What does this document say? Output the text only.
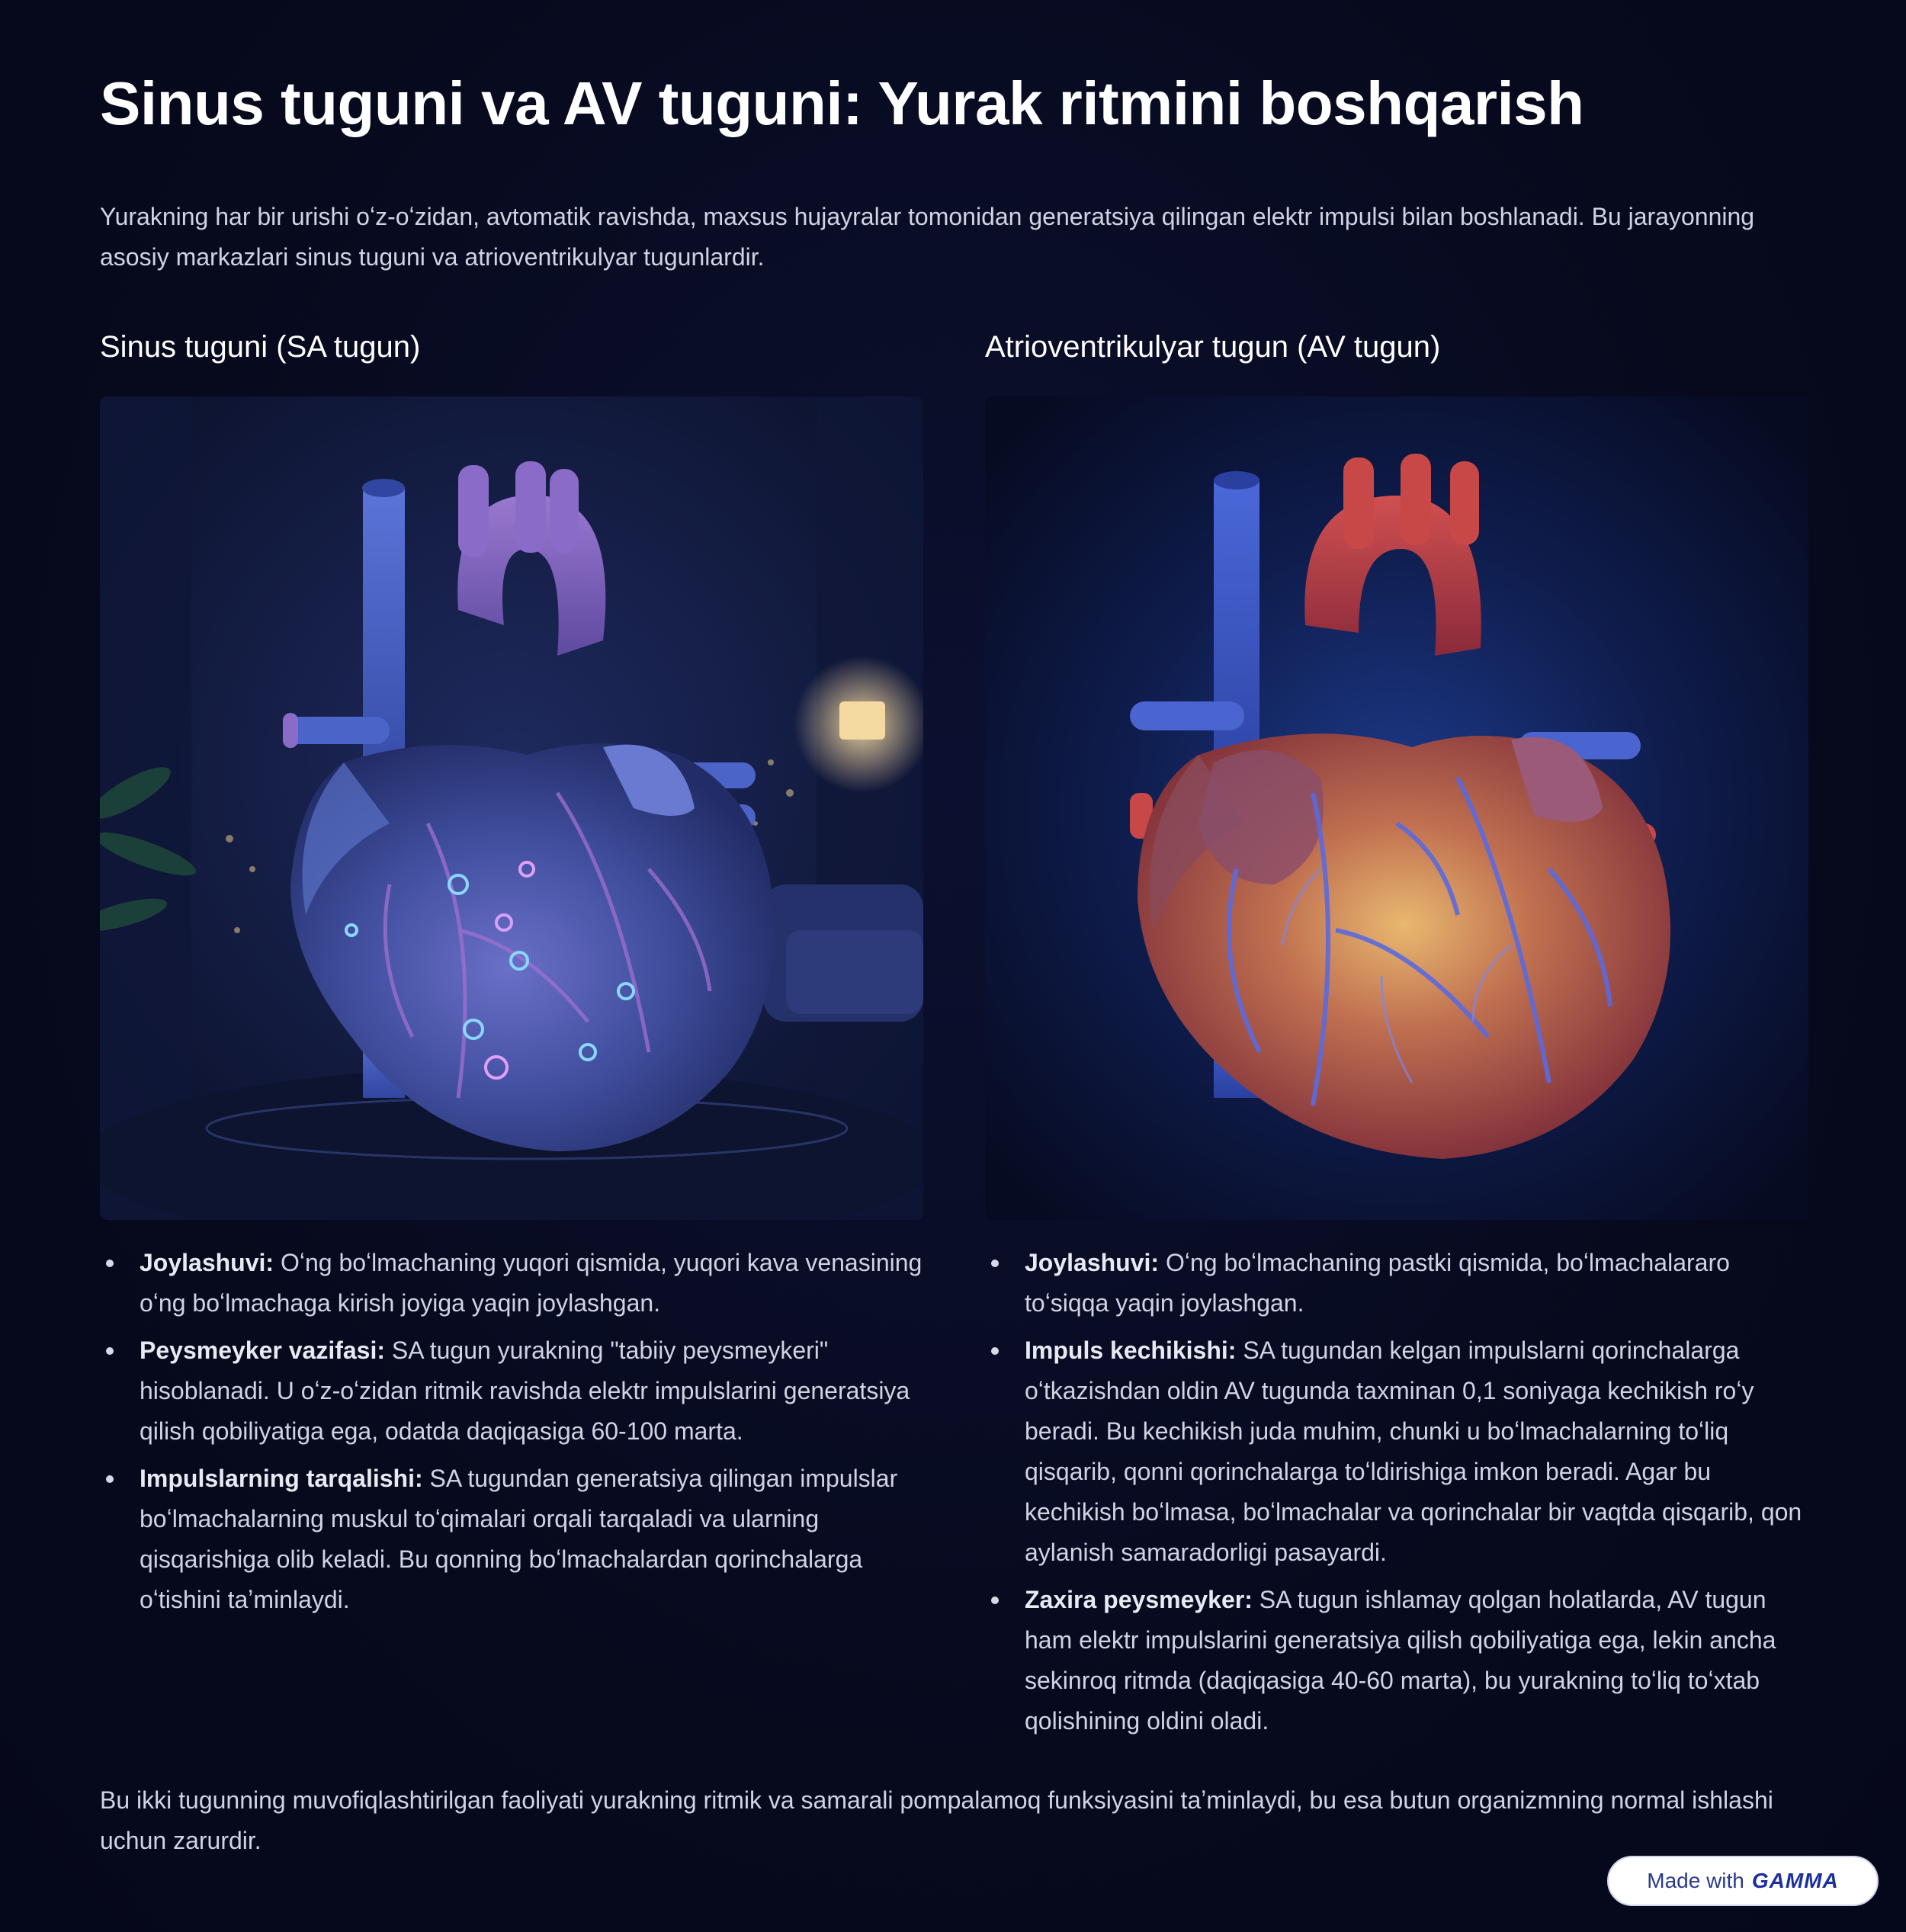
Sinus tuguni va AV tuguni: Yurak ritmini boshqarish

Yurakning har bir urishi oʻz-oʻzidan, avtomatik ravishda, maxsus hujayralar tomonidan generatsiya qilingan elektr impulsi bilan boshlanadi. Bu jarayonning asosiy markazlari sinus tuguni va atrioventrikulyar tugunlardir.

Sinus tuguni (SA tugun)
Joylashuvi: Oʻng boʻlmachaning yuqori qismida, yuqori kava venasining oʻng boʻlmachaga kirish joyiga yaqin joylashgan.
Peysmeyker vazifasi: SA tugun yurakning "tabiiy peysmeykeri" hisoblanadi. U oʻz-oʻzidan ritmik ravishda elektr impulslarini generatsiya qilish qobiliyatiga ega, odatda daqiqasiga 60-100 marta.
Impulslarning tarqalishi: SA tugundan generatsiya qilingan impulslar boʻlmachalarning muskul toʻqimalari orqali tarqaladi va ularning qisqarishiga olib keladi. Bu qonning boʻlmachalardan qorinchalarga oʻtishini taʼminlaydi.
Atrioventrikulyar tugun (AV tugun)
Joylashuvi: Oʻng boʻlmachaning pastki qismida, boʻlmachalararo toʻsiqqa yaqin joylashgan.
Impuls kechikishi: SA tugundan kelgan impulslarni qorinchalarga oʻtkazishdan oldin AV tugunda taxminan 0,1 soniyaga kechikish roʻy beradi. Bu kechikish juda muhim, chunki u boʻlmachalarning toʻliq qisqarib, qonni qorinchalarga toʻldirishiga imkon beradi. Agar bu kechikish boʻlmasa, boʻlmachalar va qorinchalar bir vaqtda qisqarib, qon aylanish samaradorligi pasayardi.
Zaxira peysmeyker: SA tugun ishlamay qolgan holatlarda, AV tugun ham elektr impulslarini generatsiya qilish qobiliyatiga ega, lekin ancha sekinroq ritmda (daqiqasiga 40-60 marta), bu yurakning toʻliq toʻxtab qolishining oldini oladi.

Bu ikki tugunning muvofiqlashtirilgan faoliyati yurakning ritmik va samarali pompalamoq funksiyasini taʼminlaydi, bu esa butun organizmning normal ishlashi uchun zarurdir.

Made with GAMMA
